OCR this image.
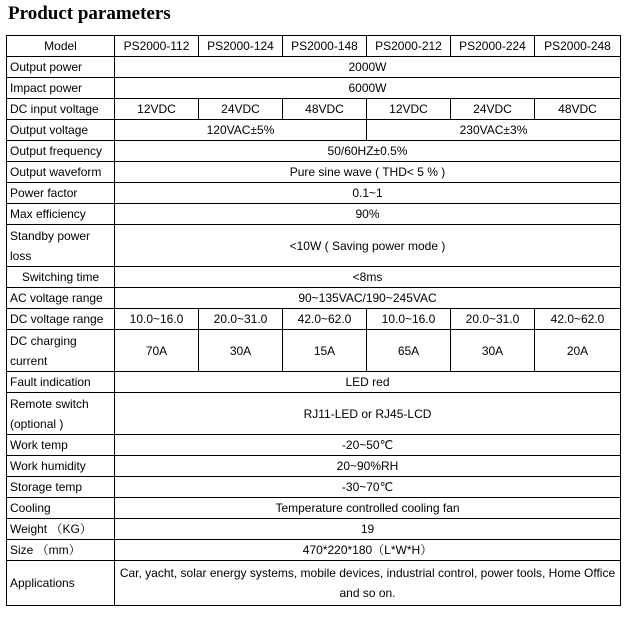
Product parameters
Model	PS2000-112	PS2000-124	PS2000-148	PS2000-212	PS2000-224	PS2000-248
Output power	2000W					
Impact power	6000W					
DC input voltage	12VDC	24VDC	48VDC	12VDC	24VDC	48VDC
Output voltage	120VAC±5%			230VAC±3%		
Output frequency	50/60HZ±0.5%					
Output waveform	Pure sine wave ( THD< 5 % )					
Power factor	0.1~1					
Max efficiency	90%					
Standby power loss	<10W ( Saving power mode )					
Switching time	<8ms					
AC voltage range	90~135VAC/190~245VAC					
DC voltage range	10.0~16.0	20.0~31.0	42.0~62.0	10.0~16.0	20.0~31.0	42.0~62.0
DC charging current	70A	30A	15A	65A	30A	20A
Fault indication	LED red					
Remote switch (optional )	RJ11-LED or RJ45-LCD					
Work temp	-20~50℃					
Work humidity	20~90%RH					
Storage temp	-30~70℃					
Cooling	Temperature controlled cooling fan					
Weight （KG）	19					
Size （mm）	470*220*180（L*W*H）					
Applications	Car, yacht, solar energy systems, mobile devices, industrial control, power tools, Home Office and so on.					
